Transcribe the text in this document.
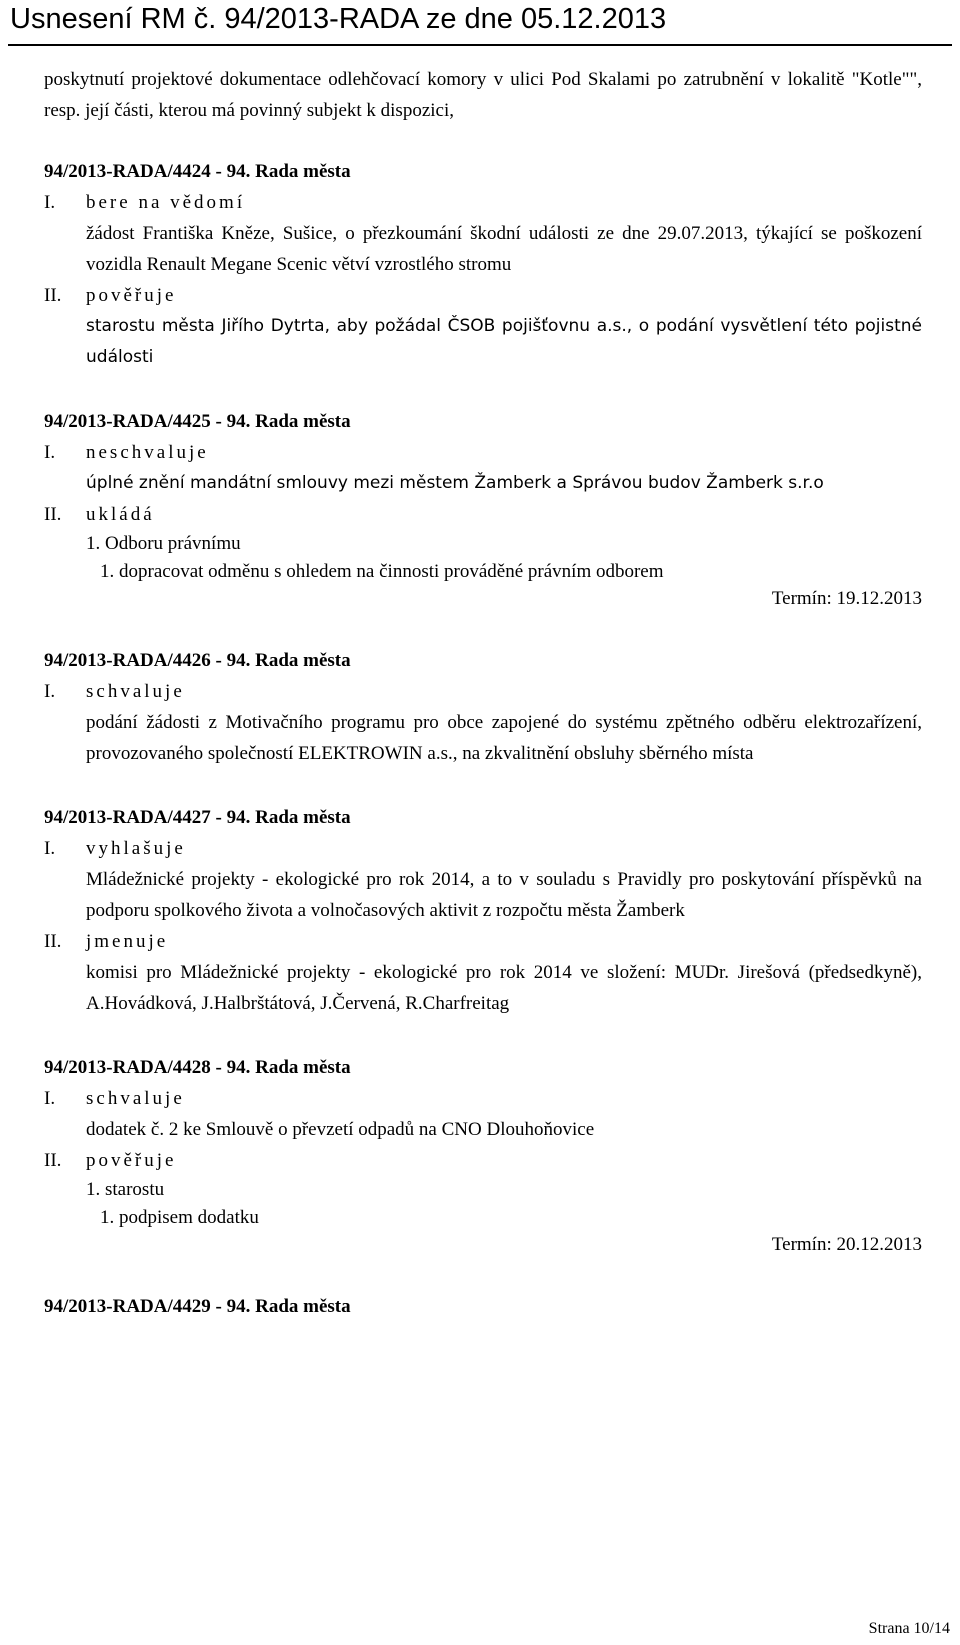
Usnesení RM č. 94/2013-RADA ze dne 05.12.2013

poskytnutí projektové dokumentace odlehčovací komory v ulici Pod Skalami po zatrubnění v lokalitě "Kotle"", resp. její části, kterou má povinný subjekt k dispozici,

94/2013-RADA/4424 - 94. Rada města

I. bere na vědomí

žádost Františka Kněze, Sušice, o přezkoumání škodní události ze dne 29.07.2013, týkající se poškození vozidla Renault Megane Scenic větví vzrostlého stromu

II. pověřuje

starostu města Jiřího Dytrta, aby požádal ČSOB pojišťovnu a.s., o podání vysvětlení této pojistné události

94/2013-RADA/4425 - 94. Rada města

I. neschvaluje

úplné znění mandátní smlouvy mezi městem Žamberk a Správou budov Žamberk s.r.o

II. ukládá

1. Odboru právnímu
1. dopracovat odměnu s ohledem na činnosti prováděné právním odborem

Termín: 19.12.2013

94/2013-RADA/4426 - 94. Rada města

I. schvaluje

podání žádosti z Motivačního programu pro obce zapojené do systému zpětného odběru elektrozařízení, provozovaného společností ELEKTROWIN a.s., na zkvalitnění obsluhy sběrného místa

94/2013-RADA/4427 - 94. Rada města

I. vyhlašuje

Mládežnické projekty - ekologické pro rok 2014, a to v souladu s Pravidly pro poskytování příspěvků na podporu spolkového života a volnočasových aktivit z rozpočtu města Žamberk

II. jmenuje

komisi pro Mládežnické projekty - ekologické pro rok 2014 ve složení: MUDr. Jirešová (předsedkyně), A.Hovádková, J.Halbrštátová, J.Červená, R.Charfreitag

94/2013-RADA/4428 - 94. Rada města

I. schvaluje

dodatek č. 2 ke Smlouvě o převzetí odpadů na CNO Dlouhoňovice

II. pověřuje

1. starostu
1. podpisem dodatku

Termín: 20.12.2013

94/2013-RADA/4429 - 94. Rada města

Strana 10/14
